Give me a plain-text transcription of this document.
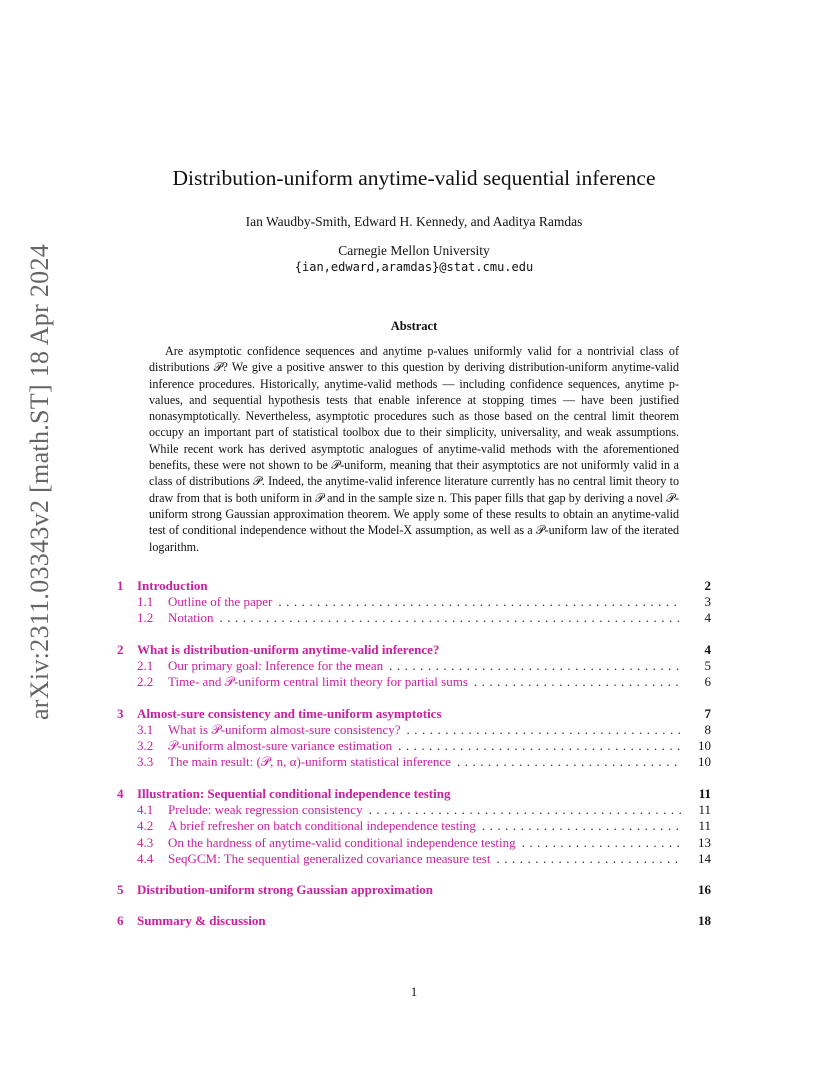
arXiv:2311.03343v2 [math.ST] 18 Apr 2024
Distribution-uniform anytime-valid sequential inference
Ian Waudby-Smith, Edward H. Kennedy, and Aaditya Ramdas
Carnegie Mellon University
{ian,edward,aramdas}@stat.cmu.edu
Abstract

Are asymptotic confidence sequences and anytime p-values uniformly valid for a nontrivial class of distributions 𝒫? We give a positive answer to this question by deriving distribution-uniform anytime-valid inference procedures. Historically, anytime-valid methods — including confidence sequences, anytime p-values, and sequential hypothesis tests that enable inference at stopping times — have been justified nonasymptotically. Nevertheless, asymptotic procedures such as those based on the central limit theorem occupy an important part of statistical toolbox due to their simplicity, universality, and weak assumptions. While recent work has derived asymptotic analogues of anytime-valid methods with the aforementioned benefits, these were not shown to be 𝒫-uniform, meaning that their asymptotics are not uniformly valid in a class of distributions 𝒫. Indeed, the anytime-valid inference literature currently has no central limit theory to draw from that is both uniform in 𝒫 and in the sample size n. This paper fills that gap by deriving a novel 𝒫-uniform strong Gaussian approximation theorem. We apply some of these results to obtain an anytime-valid test of conditional independence without the Model-X assumption, as well as a 𝒫-uniform law of the iterated logarithm.

1 Introduction	2
1.1 Outline of the paper .....	3
1.2 Notation .....	4
2 What is distribution-uniform anytime-valid inference?	4
2.1 Our primary goal: Inference for the mean .....	5
2.2 Time- and 𝒫-uniform central limit theory for partial sums .....	6
3 Almost-sure consistency and time-uniform asymptotics	7
3.1 What is 𝒫-uniform almost-sure consistency? .....	8
3.2 𝒫-uniform almost-sure variance estimation .....	10
3.3 The main result: (𝒫, n, α)-uniform statistical inference .....	10
4 Illustration: Sequential conditional independence testing	11
4.1 Prelude: weak regression consistency .....	11
4.2 A brief refresher on batch conditional independence testing .....	11
4.3 On the hardness of anytime-valid conditional independence testing .....	13
4.4 SeqGCM: The sequential generalized covariance measure test .....	14
5 Distribution-uniform strong Gaussian approximation	16
6 Summary & discussion	18
1
